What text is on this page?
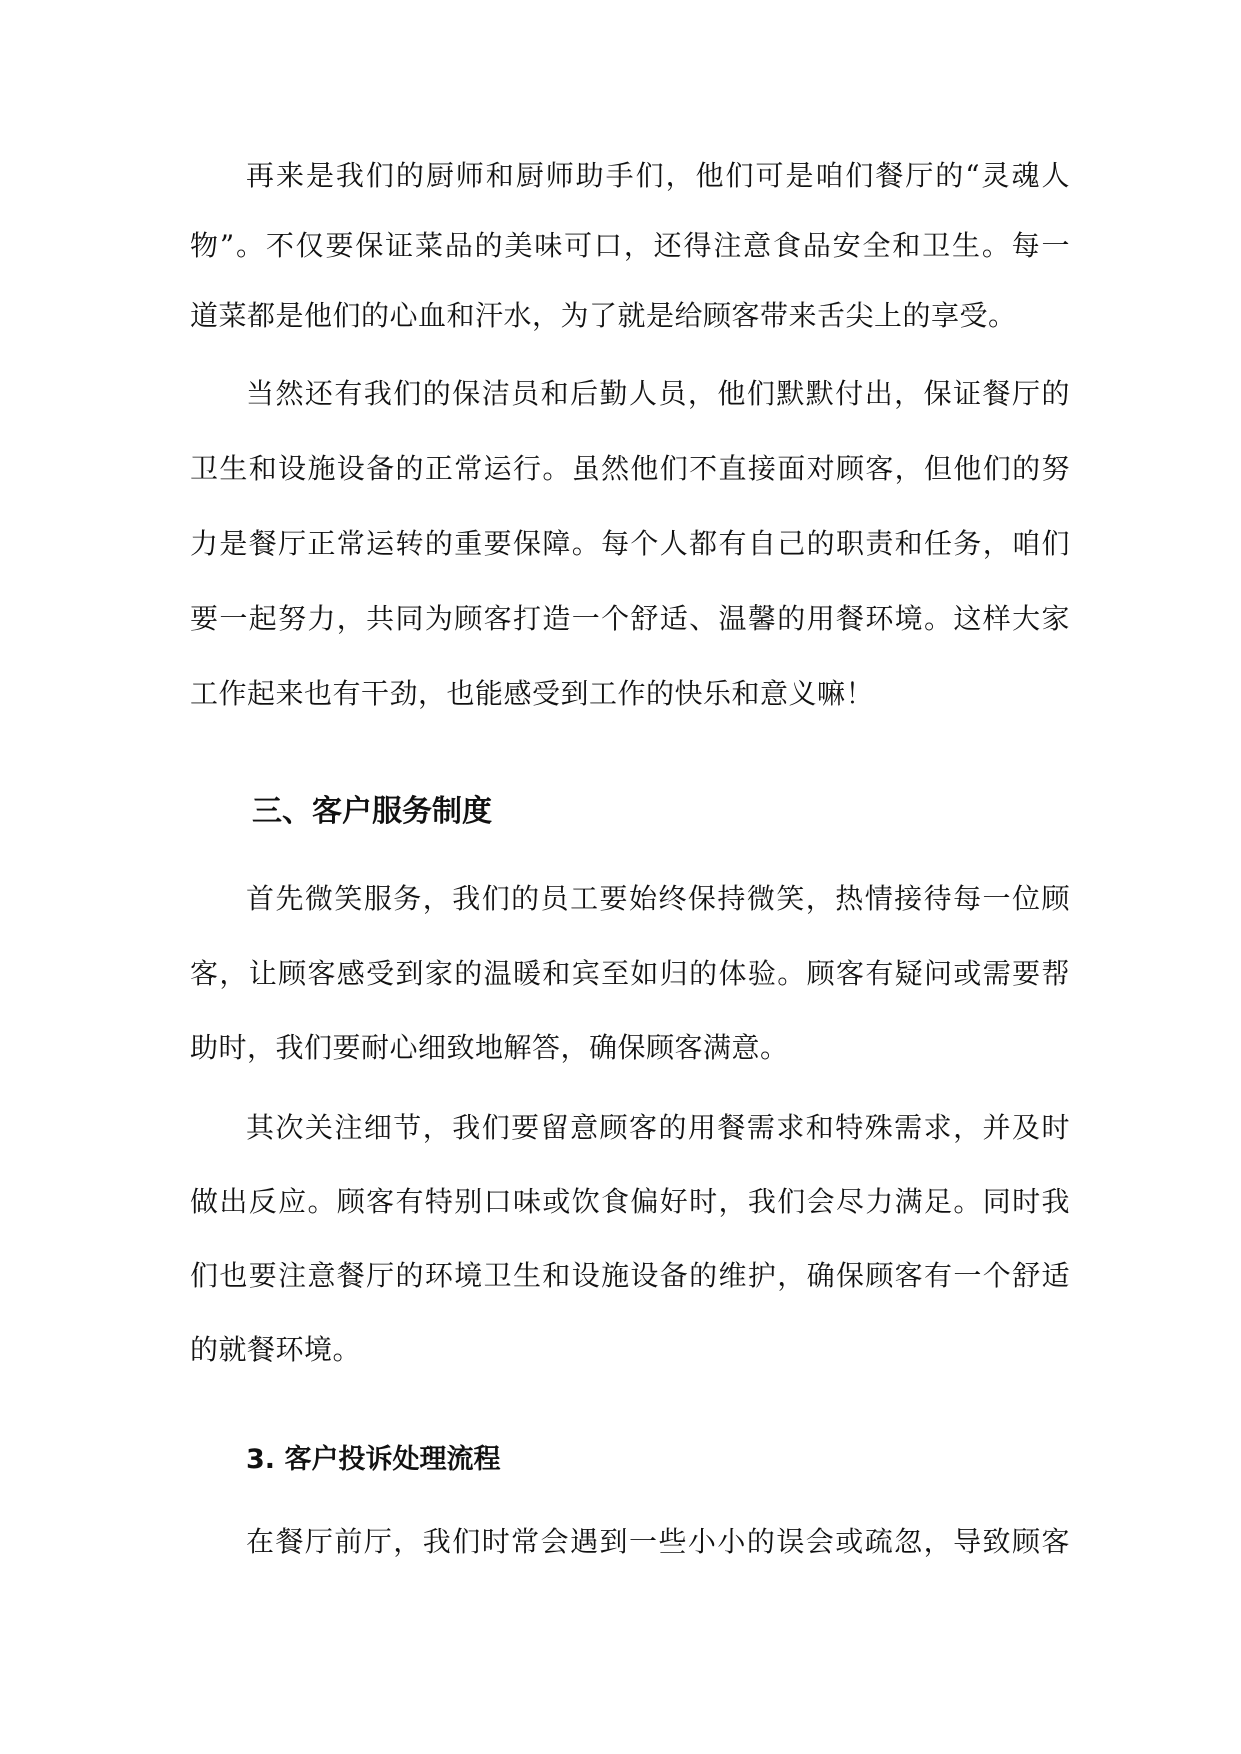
再来是我们的厨师和厨师助手们，他们可是咱们餐厅的“灵魂人
物”。不仅要保证菜品的美味可口，还得注意食品安全和卫生。每一
道菜都是他们的心血和汗水，为了就是给顾客带来舌尖上的享受。
当然还有我们的保洁员和后勤人员，他们默默付出，保证餐厅的
卫生和设施设备的正常运行。虽然他们不直接面对顾客，但他们的努
力是餐厅正常运转的重要保障。每个人都有自己的职责和任务，咱们
要一起努力，共同为顾客打造一个舒适、温馨的用餐环境。这样大家
工作起来也有干劲，也能感受到工作的快乐和意义嘛！
三、客户服务制度
首先微笑服务，我们的员工要始终保持微笑，热情接待每一位顾
客，让顾客感受到家的温暖和宾至如归的体验。顾客有疑问或需要帮
助时，我们要耐心细致地解答，确保顾客满意。
其次关注细节，我们要留意顾客的用餐需求和特殊需求，并及时
做出反应。顾客有特别口味或饮食偏好时，我们会尽力满足。同时我
们也要注意餐厅的环境卫生和设施设备的维护，确保顾客有一个舒适
的就餐环境。
3. 客户投诉处理流程
在餐厅前厅，我们时常会遇到一些小小的误会或疏忽，导致顾客
